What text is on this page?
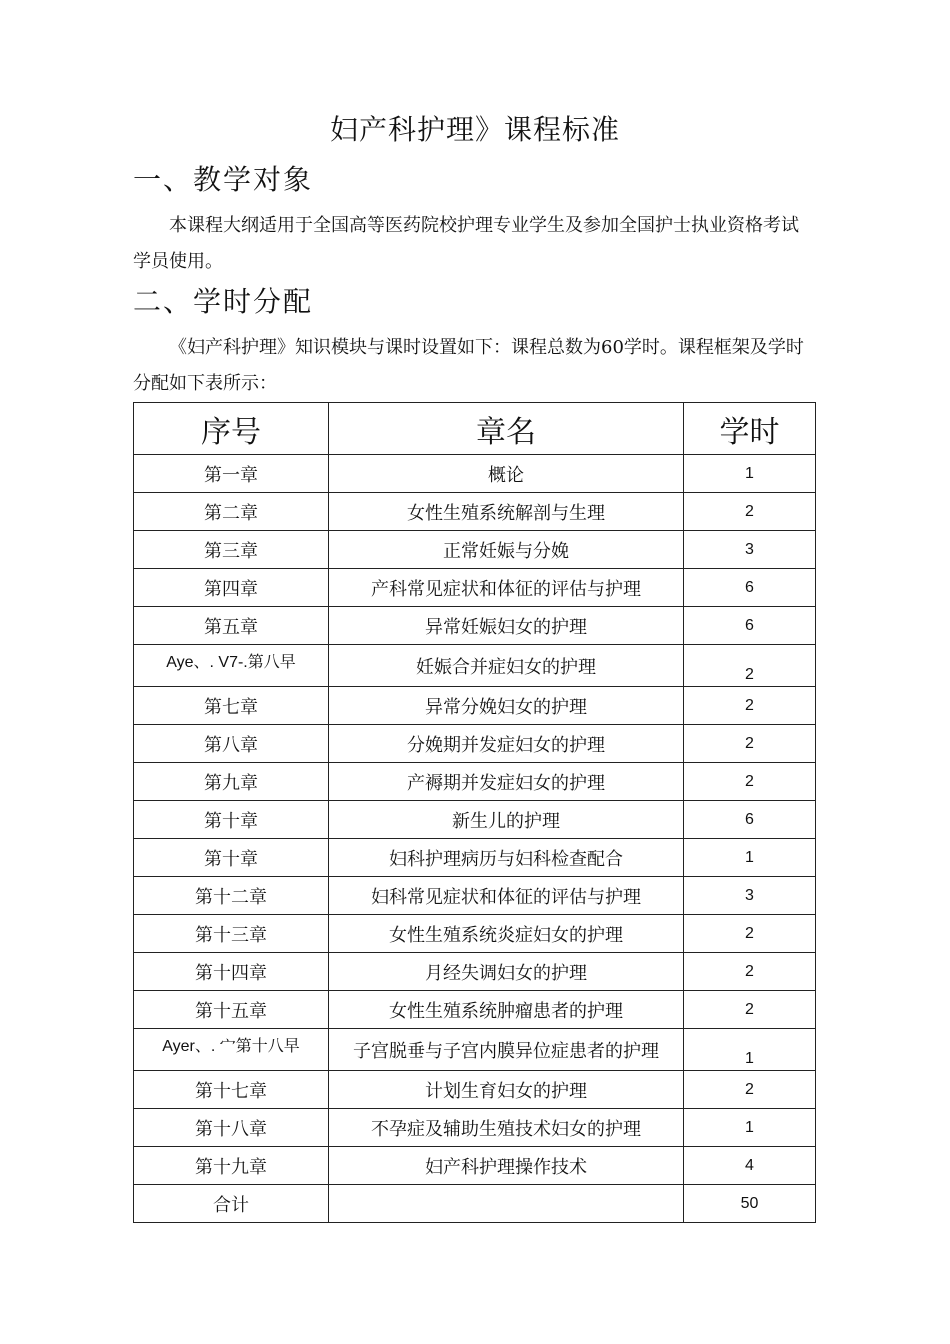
妇产科护理》课程标准
一、教学对象
本课程大纲适用于全国高等医药院校护理专业学生及参加全国护士执业资格考试学员使用。
二、学时分配
《妇产科护理》知识模块与课时设置如下：课程总数为60学时。课程框架及学时分配如下表所示：
序号	章名	学时
第一章	概论	1
第二章	女性生殖系统解剖与生理	2
第三章	正常妊娠与分娩	3
第四章	产科常见症状和体征的评估与护理	6
第五章	异常妊娠妇女的护理	6
Aye、. V7-.第八早	妊娠合并症妇女的护理	2
第七章	异常分娩妇女的护理	2
第八章	分娩期并发症妇女的护理	2
第九章	产褥期并发症妇女的护理	2
第十章	新生儿的护理	6
第十章	妇科护理病历与妇科检查配合	1
第十二章	妇科常见症状和体征的评估与护理	3
第十三章	女性生殖系统炎症妇女的护理	2
第十四章	月经失调妇女的护理	2
第十五章	女性生殖系统肿瘤患者的护理	2
Ayer、. 宀第十八早	子宫脱垂与子宫内膜异位症患者的护理	1
第十七章	计划生育妇女的护理	2
第十八章	不孕症及辅助生殖技术妇女的护理	1
第十九章	妇产科护理操作技术	4
合计		50
